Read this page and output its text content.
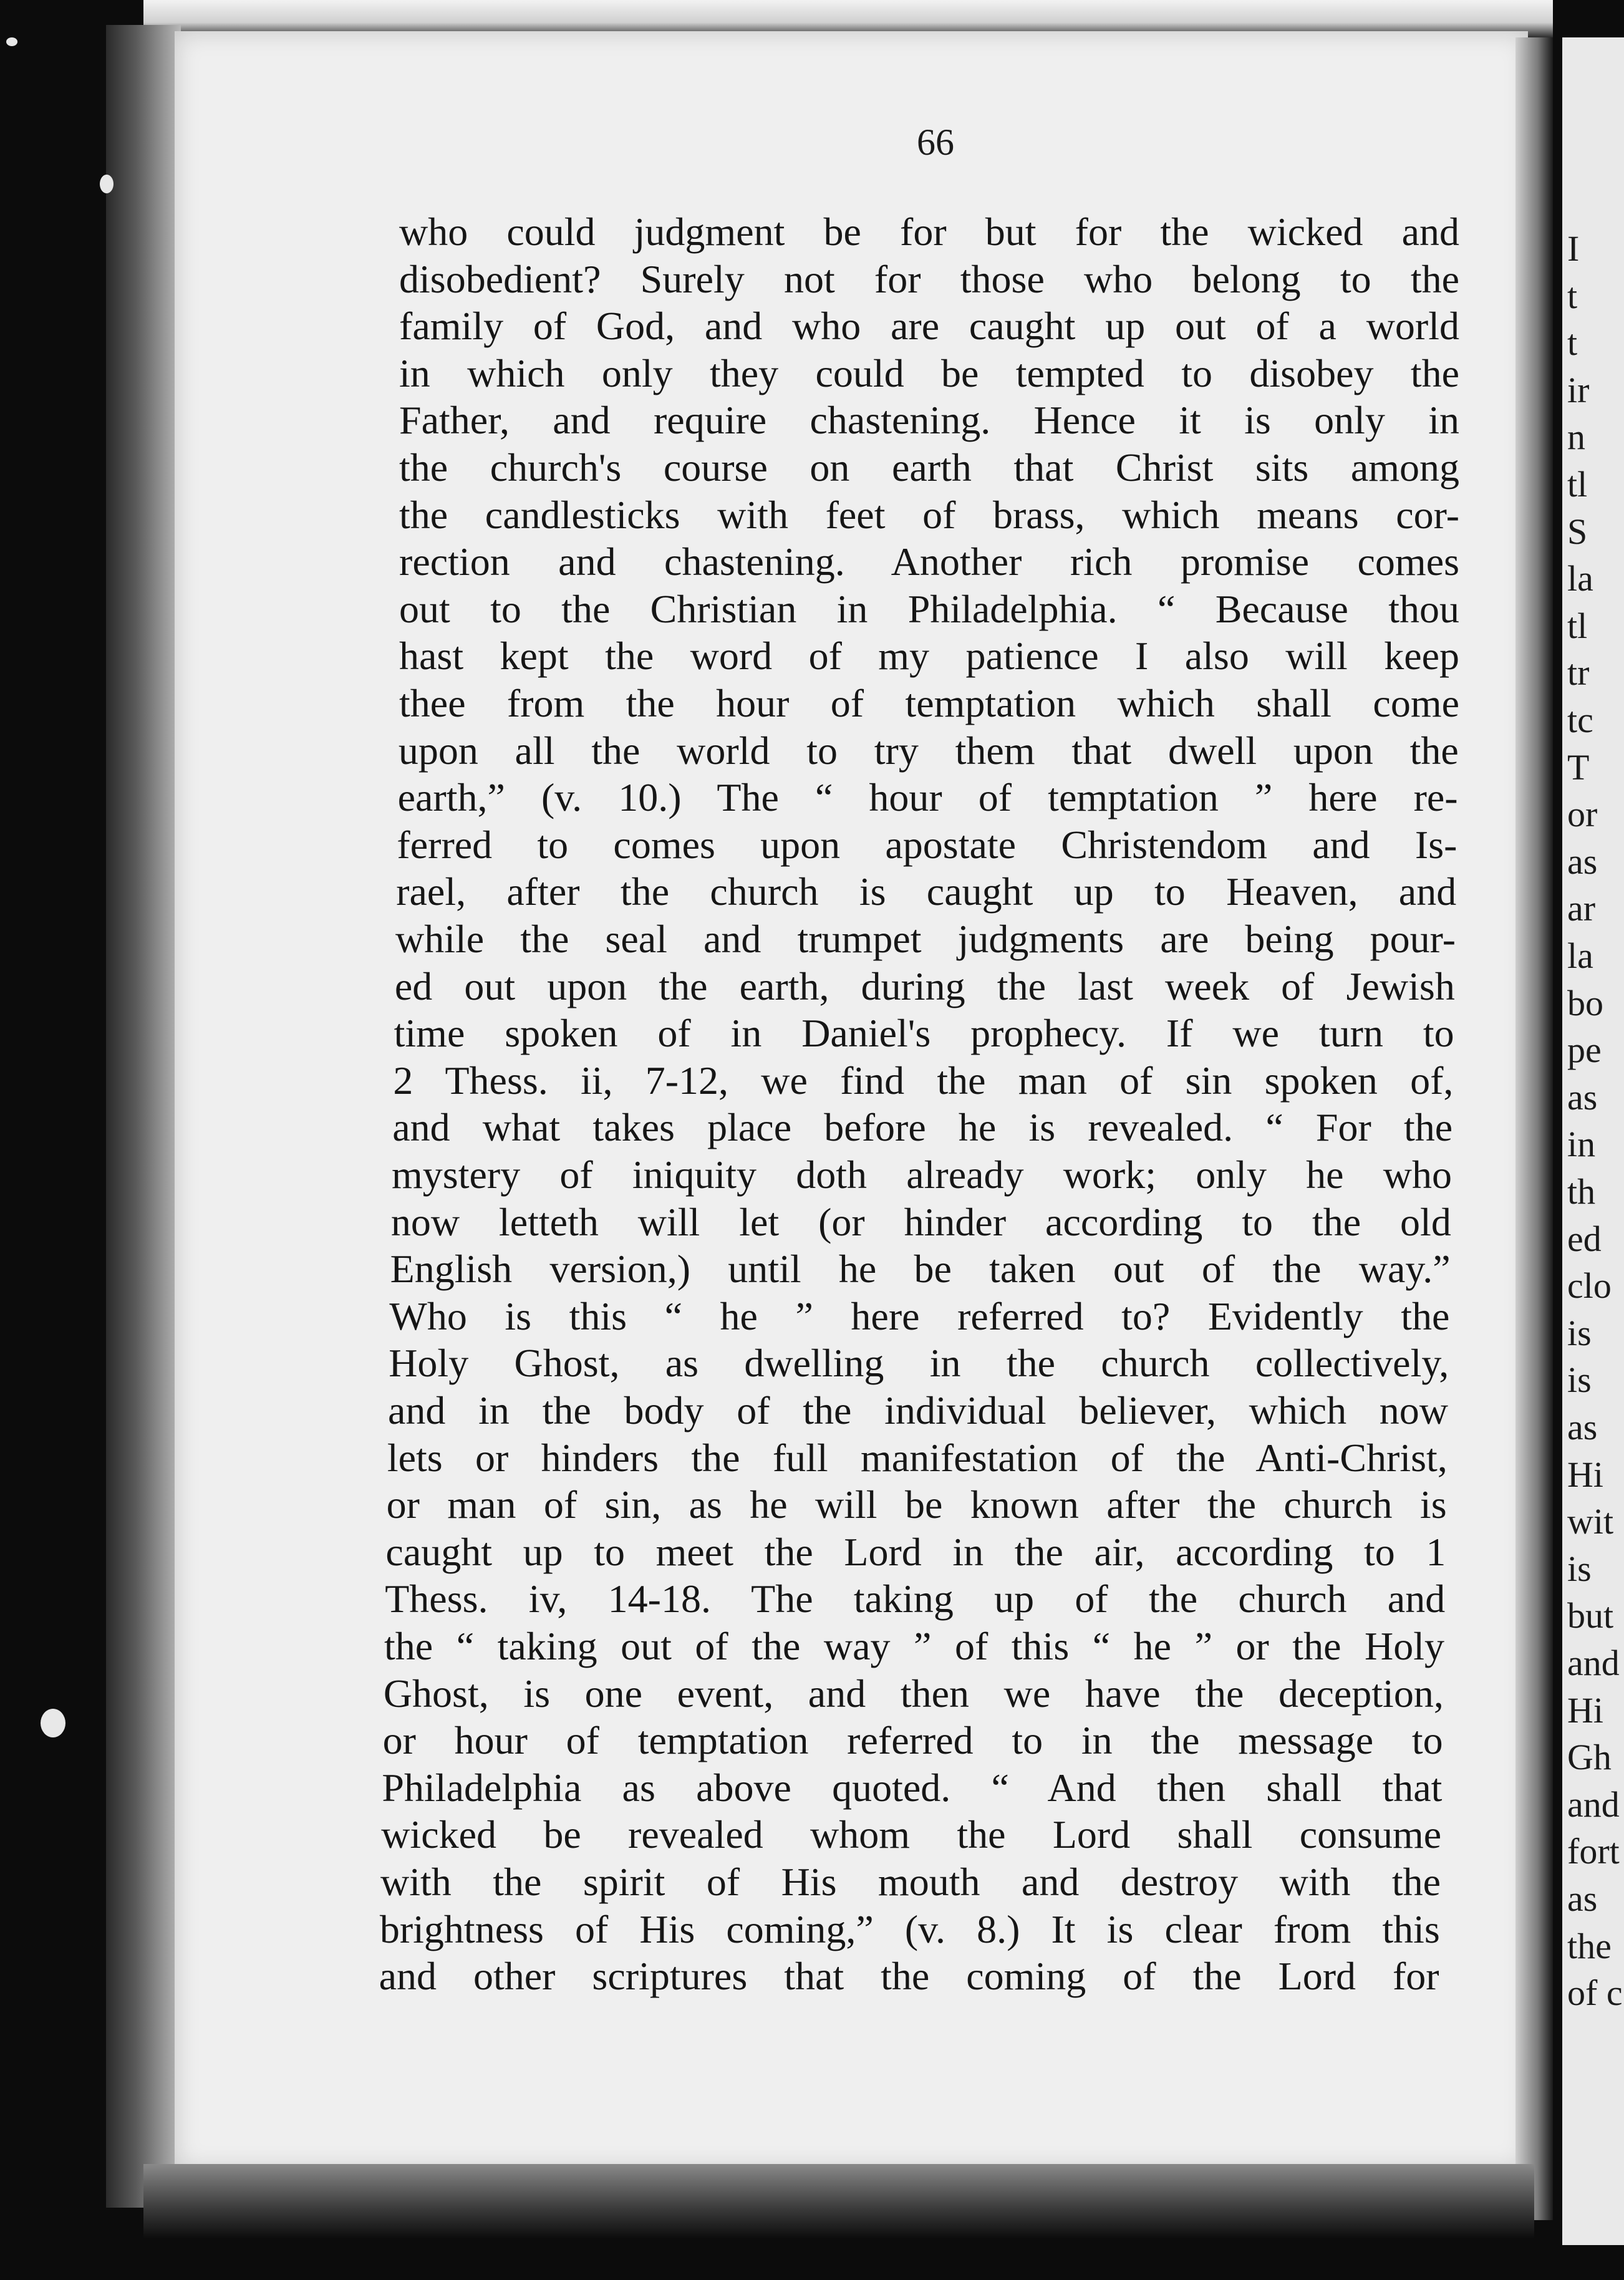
66
who could judgment be for but for the wicked and
disobedient? Surely not for those who belong to the
family of God, and who are caught up out of a world
in which only they could be tempted to disobey the
Father, and require chastening. Hence it is only in
the church's course on earth that Christ sits among
the candlesticks with feet of brass, which means cor-
rection and chastening. Another rich promise comes
out to the Christian in Philadelphia. “ Because thou
hast kept the word of my patience I also will keep
thee from the hour of temptation which shall come
upon all the world to try them that dwell upon the
earth,” (v. 10.) The “ hour of temptation ” here re-
ferred to comes upon apostate Christendom and Is-
rael, after the church is caught up to Heaven, and
while the seal and trumpet judgments are being pour-
ed out upon the earth, during the last week of Jewish
time spoken of in Daniel's prophecy. If we turn to
2 Thess. ii, 7-12, we find the man of sin spoken of,
and what takes place before he is revealed. “ For the
mystery of iniquity doth already work; only he who
now letteth will let (or hinder according to the old
English version,) until he be taken out of the way.”
Who is this “ he ” here referred to? Evidently the
Holy Ghost, as dwelling in the church collectively,
and in the body of the individual believer, which now
lets or hinders the full manifestation of the Anti-Christ,
or man of sin, as he will be known after the church is
caught up to meet the Lord in the air, according to 1
Thess. iv, 14-18. The taking up of the church and
the “ taking out of the way ” of this “ he ” or the Holy
Ghost, is one event, and then we have the deception,
or hour of temptation referred to in the message to
Philadelphia as above quoted. “ And then shall that
wicked be revealed whom the Lord shall consume
with the spirit of His mouth and destroy with the
brightness of His coming,” (v. 8.) It is clear from this
and other scriptures that the coming of the Lord for
I
t
t
ir
n
tl
S
la
tl
tr
tc
T
or
as
ar
la
bo
pe
as
in
th
ed
clo
is
is
as
Hi
wit
is
but
and
Hi
Gh
and
fort
as
the
of c
